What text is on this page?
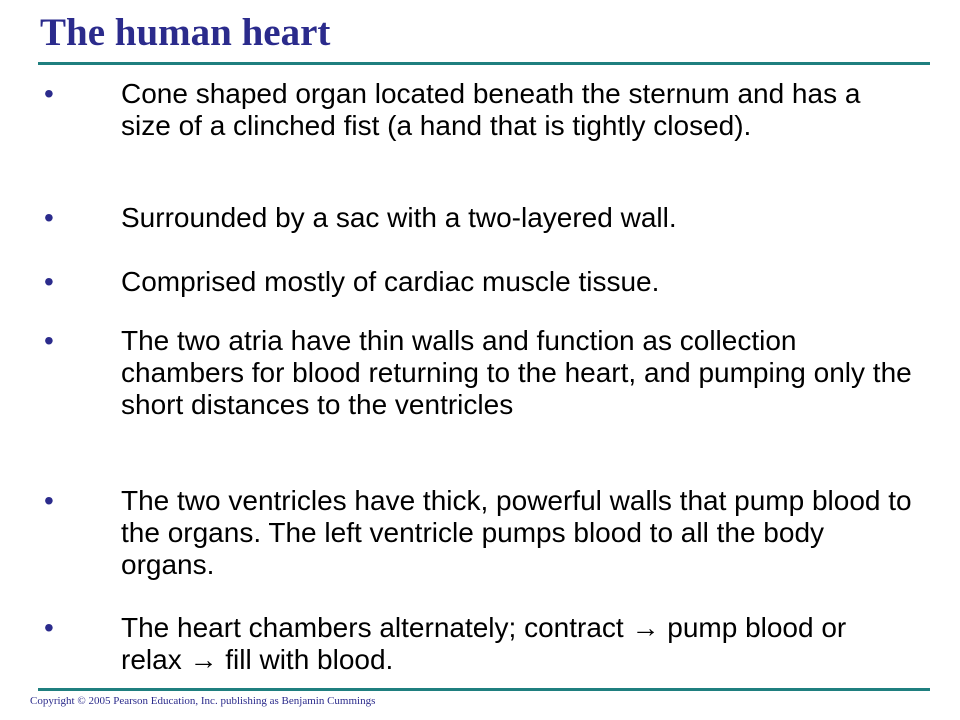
The human heart
•	Cone shaped organ located beneath the sternum and has a size of a clinched fist (a hand that is tightly closed).
•	Surrounded by a sac with a two-layered wall.
•	Comprised mostly of cardiac muscle tissue.
•	The two atria have thin walls and function as collection chambers for blood returning to the heart, and pumping only the short distances to the ventricles
•	The two ventricles have thick, powerful walls that pump blood to the organs. The left ventricle pumps blood to all the body organs.
•	The heart chambers alternately; contract → pump blood or relax → fill with blood.
Copyright © 2005 Pearson Education, Inc. publishing as Benjamin Cummings
